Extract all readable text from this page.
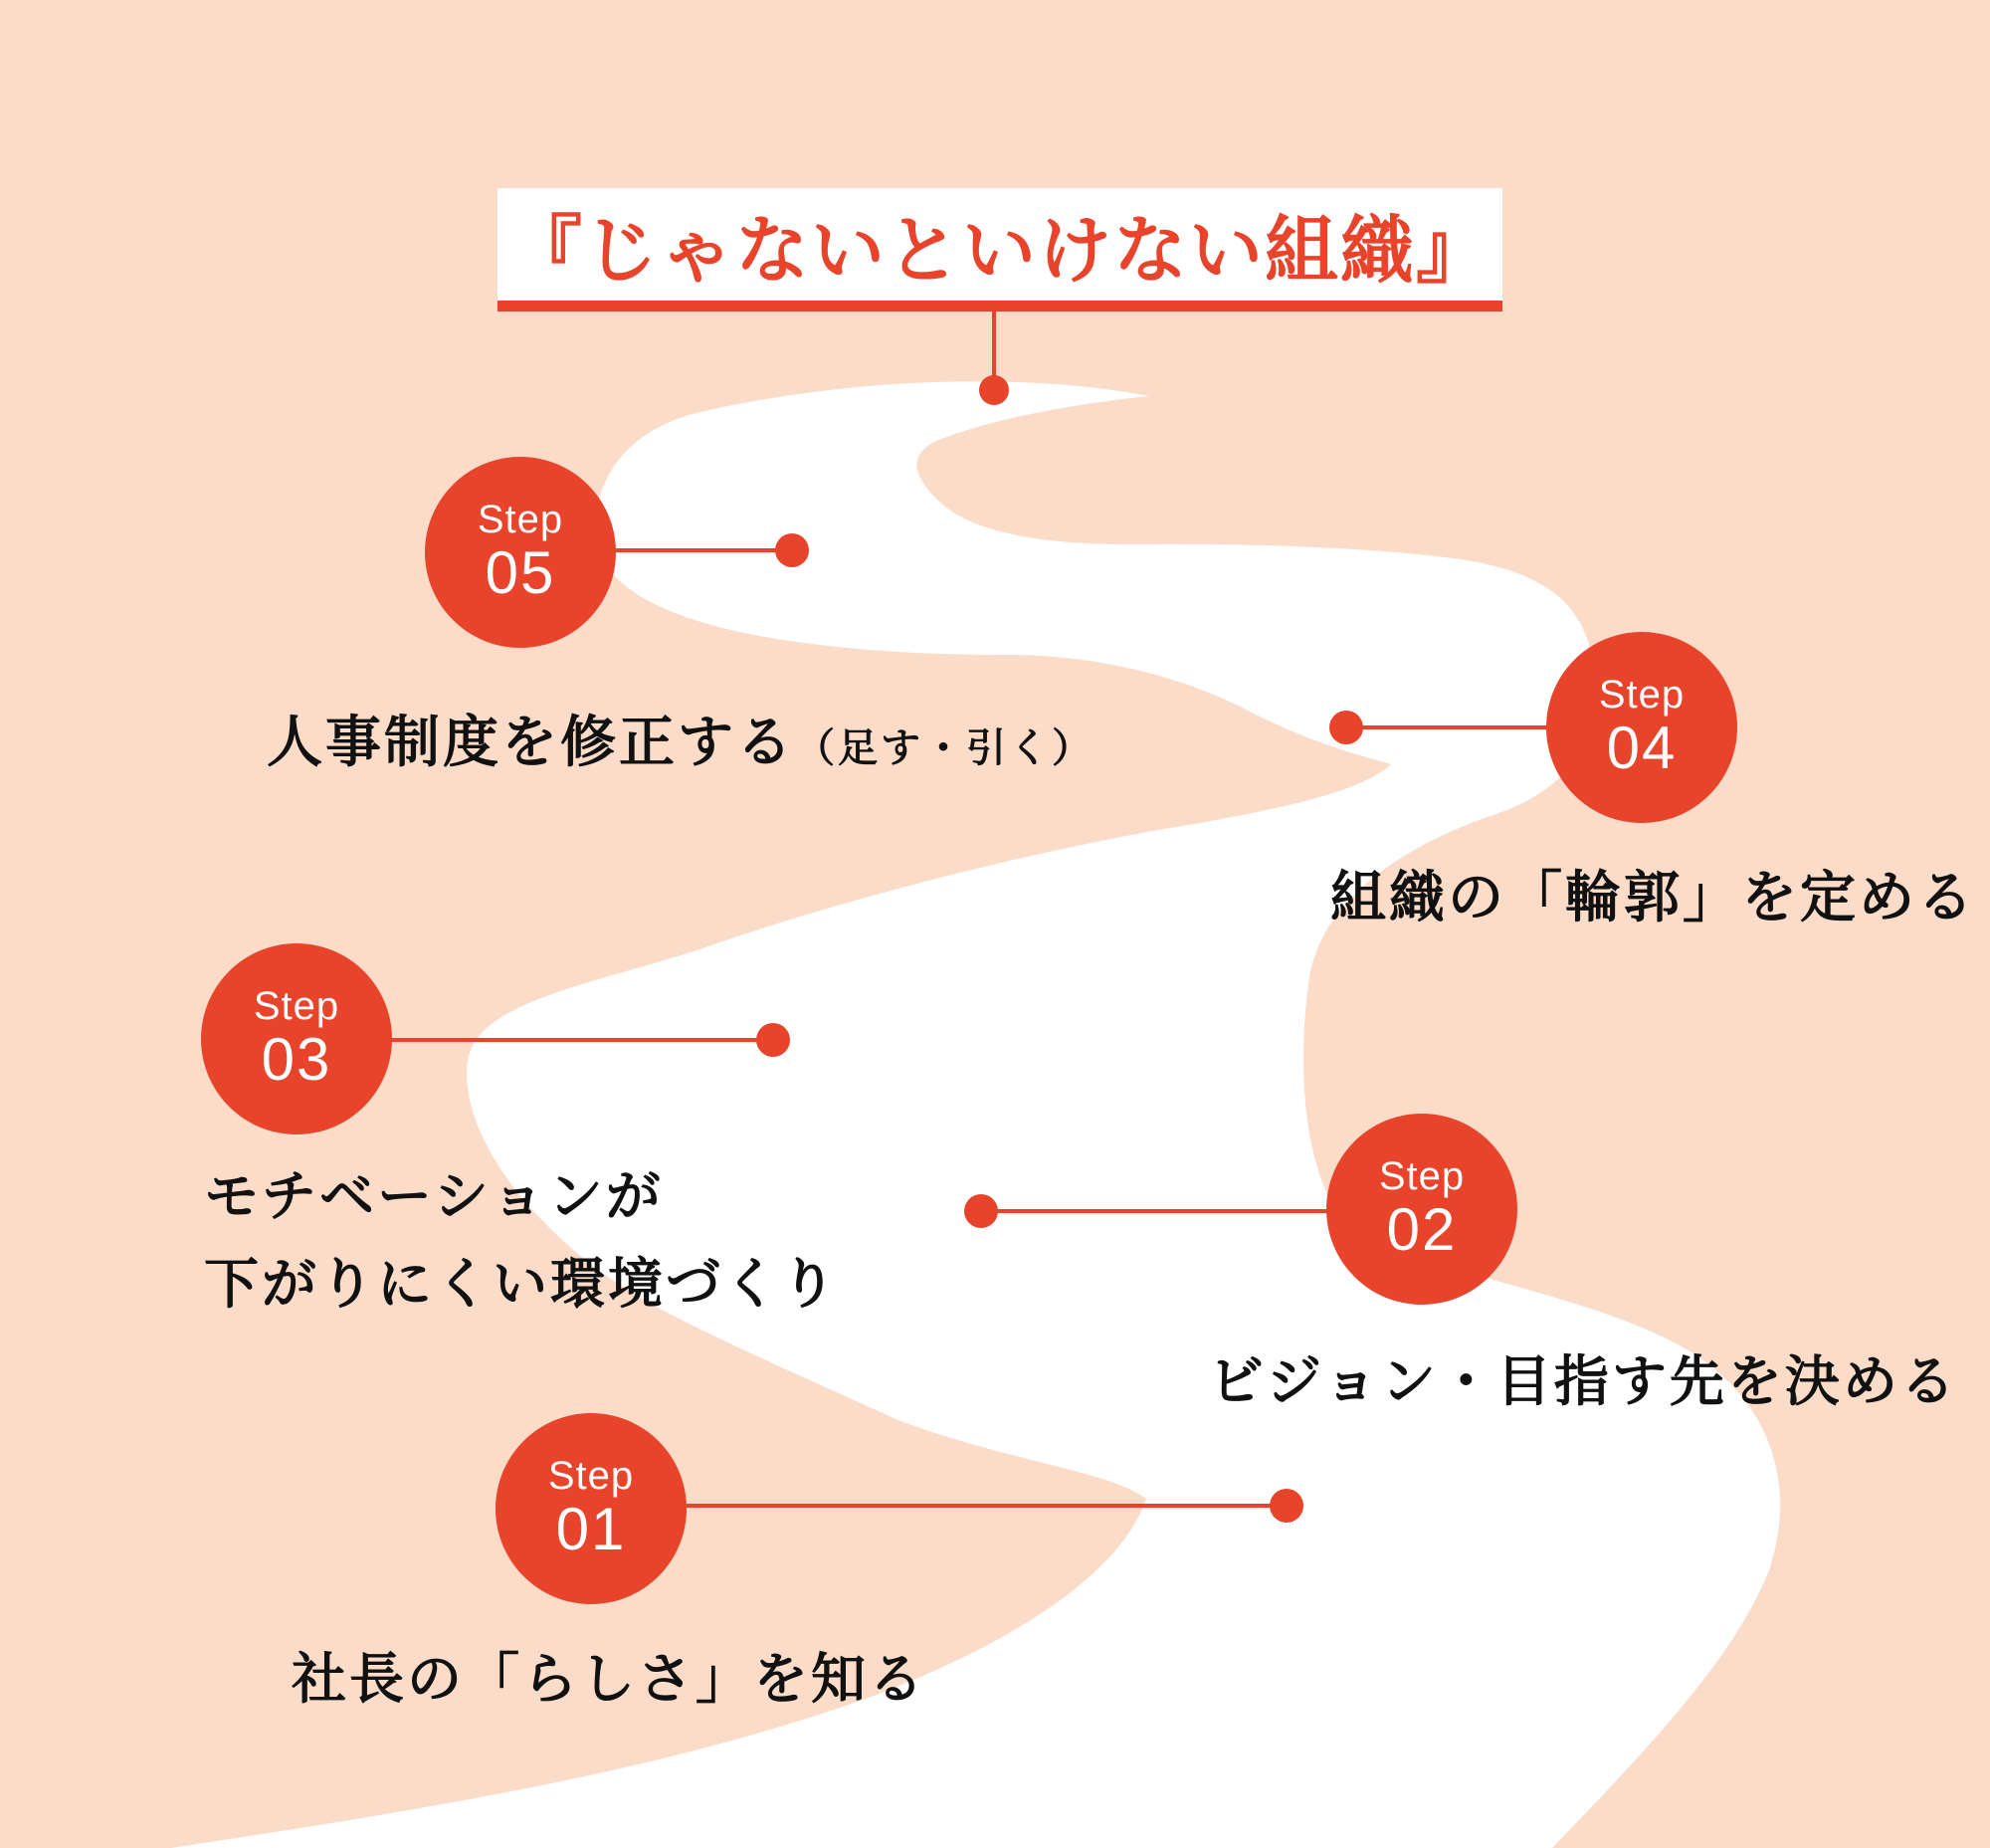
『じゃないといけない組織』
Step
01
Step
02
Step
03
Step
04
Step
05
人事制度を修正する （足す・引く）
組織の「輪郭」を定める
モチベーションが
下がりにくい環境づくり
ビジョン・目指す先を決める
社長の「らしさ」を知る
